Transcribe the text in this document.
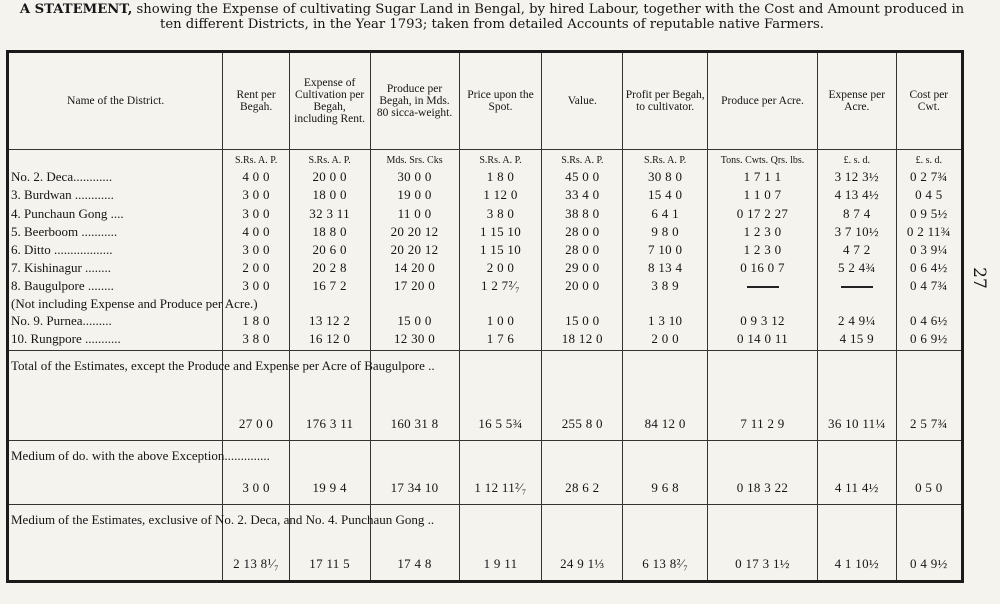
A STATEMENT, showing the Expense of cultivating Sugar Land in Bengal, by hired Labour, together with the Cost and Amount produced in ten different Districts, in the Year 1793; taken from detailed Accounts of reputable native Farmers.
27
Name of the District.	Rent per Begah.	Expense of Cultivation per Begah, including Rent.	Produce per Begah, in Mds. 80 sicca-weight.	Price upon the Spot.	Value.	Profit per Begah, to cultivator.	Produce per Acre.	Expense per Acre.	Cost per Cwt.
	S.Rs. A. P.	S.Rs. A. P.	Mds. Srs. Cks	S.Rs. A. P.	S.Rs. A. P.	S.Rs. A. P.	Tons. Cwts. Qrs. lbs.	£. s. d.	£. s. d.
No. 2. Deca............	4 0 0	20 0 0	30 0 0	1 8 0	45 0 0	30 8 0	1 7 1 1	3 12 3½	0 2 7¾
3. Burdwan ............	3 0 0	18 0 0	19 0 0	1 12 0	33 4 0	15 4 0	1 1 0 7	4 13 4½	0 4 5
4. Punchaun Gong ....	3 0 0	32 3 11	11 0 0	3 8 0	38 8 0	6 4 1	0 17 2 27	8 7 4	0 9 5½
5. Beerboom ...........	4 0 0	18 8 0	20 20 12	1 15 10	28 0 0	9 8 0	1 2 3 0	3 7 10½	0 2 11¾
6. Ditto ..................	3 0 0	20 6 0	20 20 12	1 15 10	28 0 0	7 10 0	1 2 3 0	4 7 2	0 3 9¼
7. Kishinagur ........	2 0 0	20 2 8	14 20 0	2 0 0	29 0 0	8 13 4	0 16 0 7	5 2 4¾	0 6 4½
8. Baugulpore ........	3 0 0	16 7 2	17 20 0	1 2 7²⁄₇	20 0 0	3 8 9			0 4 7¾
(Not including Expense and Produce per Acre.)									
No. 9. Purnea.........	1 8 0	13 12 2	15 0 0	1 0 0	15 0 0	1 3 10	0 9 3 12	2 4 9¼	0 4 6½
10. Rungpore ...........	3 8 0	16 12 0	12 30 0	1 7 6	18 12 0	2 0 0	0 14 0 11	4 15 9	0 6 9½
Total of the Estimates, except the Produce and Expense per Acre of Baugulpore ..	27 0 0	176 3 11	160 31 8	16 5 5¾	255 8 0	84 12 0	7 11 2 9	36 10 11¼	2 5 7¾
Medium of do. with the above Exception..............	3 0 0	19 9 4	17 34 10	1 12 11²⁄₇	28 6 2	9 6 8	0 18 3 22	4 11 4½	0 5 0
Medium of the Estimates, exclusive of No. 2. Deca, and No. 4. Punchaun Gong ..	2 13 8¹⁄₇	17 11 5	17 4 8	1 9 11	24 9 1⅓	6 13 8²⁄₇	0 17 3 1½	4 1 10½	0 4 9½
